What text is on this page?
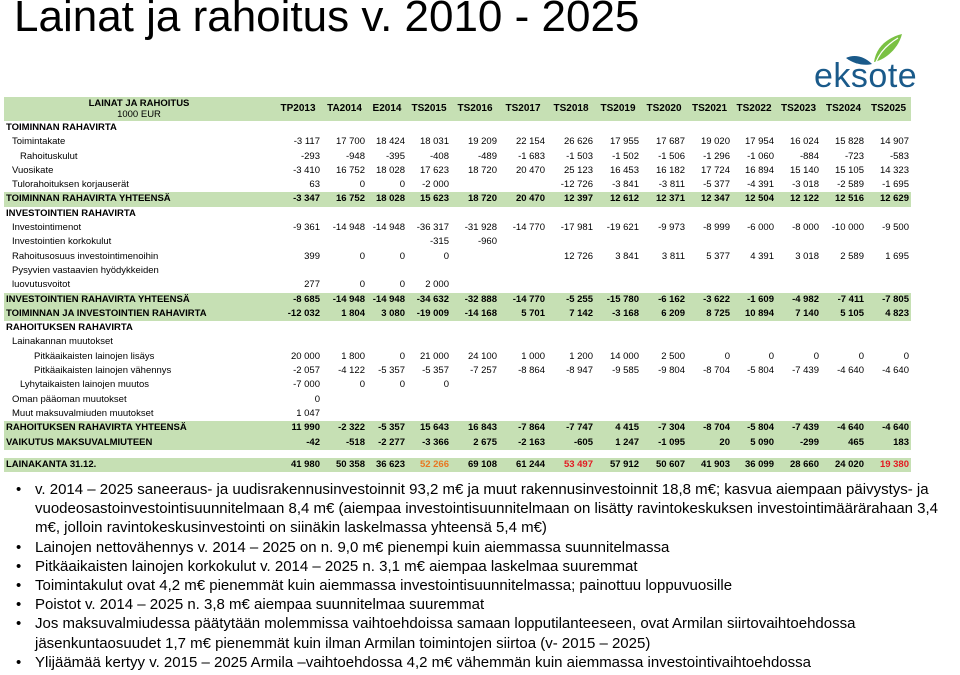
Lainat ja rahoitus v. 2010 - 2025
eksote
LAINAT JA RAHOITUS
1000 EUR	TP2013	TA2014	E2014	TS2015	TS2016	TS2017	TS2018	TS2019	TS2020	TS2021	TS2022	TS2023	TS2024	TS2025
TOIMINNAN RAHAVIRTA														
Toimintakate	-3 117	17 700	18 424	18 031	19 209	22 154	26 626	17 955	17 687	19 020	17 954	16 024	15 828	14 907
Rahoituskulut	-293	-948	-395	-408	-489	-1 683	-1 503	-1 502	-1 506	-1 296	-1 060	-884	-723	-583
Vuosikate	-3 410	16 752	18 028	17 623	18 720	20 470	25 123	16 453	16 182	17 724	16 894	15 140	15 105	14 323
Tulorahoituksen korjauserät	63	0	0	-2 000			-12 726	-3 841	-3 811	-5 377	-4 391	-3 018	-2 589	-1 695
TOIMINNAN RAHAVIRTA YHTEENSÄ	-3 347	16 752	18 028	15 623	18 720	20 470	12 397	12 612	12 371	12 347	12 504	12 122	12 516	12 629
INVESTOINTIEN RAHAVIRTA														
Investointimenot	-9 361	-14 948	-14 948	-36 317	-31 928	-14 770	-17 981	-19 621	-9 973	-8 999	-6 000	-8 000	-10 000	-9 500
Investointien korkokulut				-315	-960									
Rahoitusosuus investointimenoihin	399	0	0	0			12 726	3 841	3 811	5 377	4 391	3 018	2 589	1 695
Pysyvien vastaavien hyödykkeiden														
luovutusvoitot	277	0	0	2 000										
INVESTOINTIEN RAHAVIRTA YHTEENSÄ	-8 685	-14 948	-14 948	-34 632	-32 888	-14 770	-5 255	-15 780	-6 162	-3 622	-1 609	-4 982	-7 411	-7 805
TOIMINNAN JA INVESTOINTIEN RAHAVIRTA	-12 032	1 804	3 080	-19 009	-14 168	5 701	7 142	-3 168	6 209	8 725	10 894	7 140	5 105	4 823
RAHOITUKSEN RAHAVIRTA														
Lainakannan muutokset														
Pitkäaikaisten lainojen lisäys	20 000	1 800	0	21 000	24 100	1 000	1 200	14 000	2 500	0	0	0	0	0
Pitkäaikaisten lainojen vähennys	-2 057	-4 122	-5 357	-5 357	-7 257	-8 864	-8 947	-9 585	-9 804	-8 704	-5 804	-7 439	-4 640	-4 640
Lyhytaikaisten lainojen muutos	-7 000	0	0	0										
Oman pääoman muutokset	0													
Muut maksuvalmiuden muutokset	1 047													
RAHOITUKSEN RAHAVIRTA YHTEENSÄ	11 990	-2 322	-5 357	15 643	16 843	-7 864	-7 747	4 415	-7 304	-8 704	-5 804	-7 439	-4 640	-4 640
VAIKUTUS MAKSUVALMIUTEEN	-42	-518	-2 277	-3 366	2 675	-2 163	-605	1 247	-1 095	20	5 090	-299	465	183

LAINAKANTA 31.12.	41 980	50 358	36 623	52 266	69 108	61 244	53 497	57 912	50 607	41 903	36 099	28 660	24 020	19 380
• v. 2014 – 2025 saneeraus- ja uudisrakennusinvestoinnit 93,2 m€ ja muut rakennusinvestoinnit 18,8 m€; kasvua aiempaan päivystys- ja vuodeosastoinvestointisuunnitelmaan 8,4 m€ (aiempaa investointisuunnitelmaan on lisätty ravintokeskuksen investointimäärärahaan 3,4 m€, jolloin ravintokeskusinvestointi on siinäkin laskelmassa yhteensä 5,4 m€)
• Lainojen nettovähennys v. 2014 – 2025 on n. 9,0 m€ pienempi kuin aiemmassa suunnitelmassa
• Pitkäaikaisten lainojen korkokulut v. 2014 – 2025 n. 3,1 m€ aiempaa laskelmaa suuremmat
• Toimintakulut ovat 4,2 m€ pienemmät kuin aiemmassa investointisuunnitelmassa; painottuu loppuvuosille
• Poistot v. 2014 – 2025 n. 3,8 m€ aiempaa suunnitelmaa suuremmat
• Jos maksuvalmiudessa päätytään molemmissa vaihtoehdoissa samaan lopputilanteeseen, ovat Armilan siirtovaihtoehdossa jäsenkuntaosuudet 1,7 m€ pienemmät kuin ilman Armilan toimintojen siirtoa (v- 2015 – 2025)
• Ylijäämää kertyy v. 2015 – 2025 Armila –vaihtoehdossa 4,2 m€ vähemmän kuin aiemmassa investointivaihtoehdossa
